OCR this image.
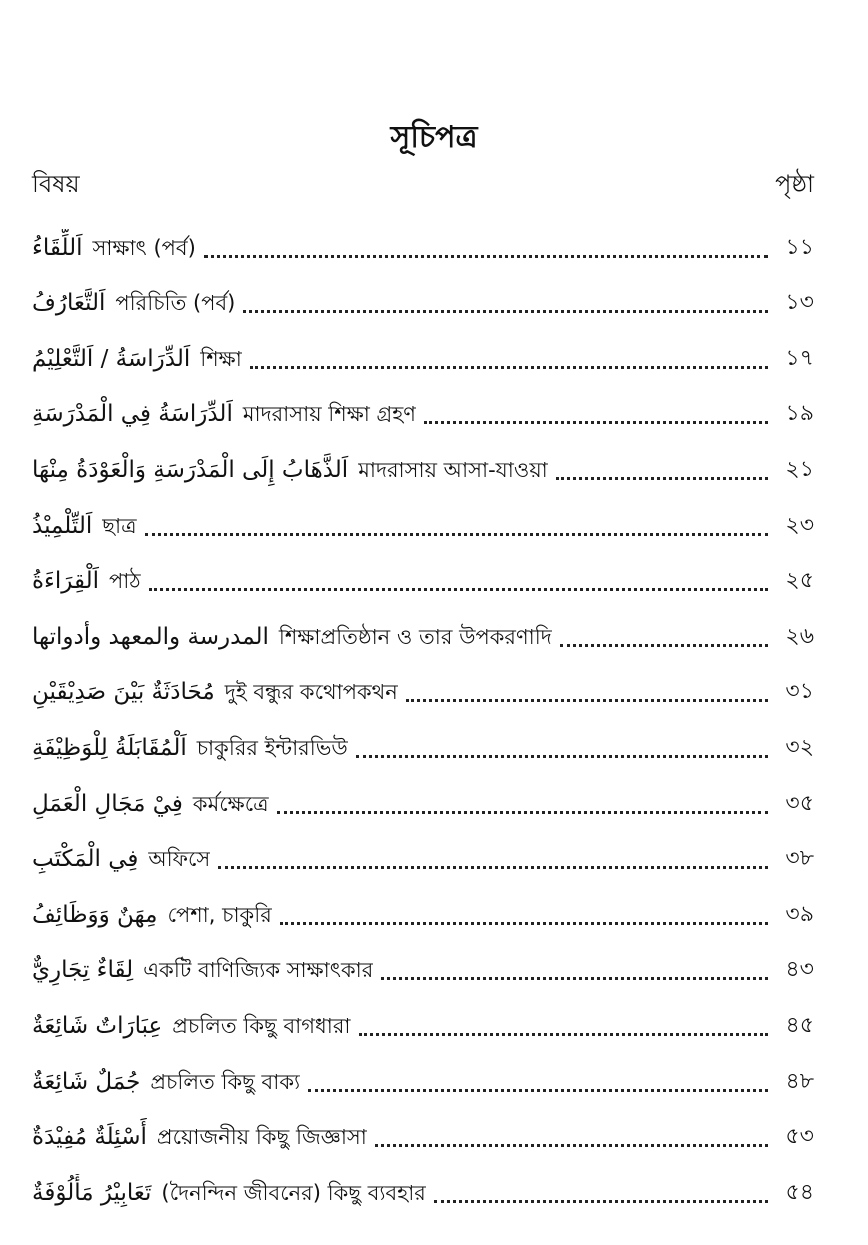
সূচিপত্র
বিষয়	পৃষ্ঠা
اَللِّقَاءُ সাক্ষাৎ (পর্ব)	১১
اَلتَّعَارُفُ পরিচিতি (পর্ব)	১৩
اَلدِّرَاسَةُ / اَلتَّعْلِيْمُ শিক্ষা	১৭
اَلدِّرَاسَةُ فِي الْمَدْرَسَةِ মাদরাসায় শিক্ষা গ্রহণ	১৯
اَلذَّهَابُ إِلَى الْمَدْرَسَةِ وَالْعَوْدَةُ مِنْهَا মাদরাসায় আসা-যাওয়া	২১
اَلتِّلْمِيْذُ ছাত্র	২৩
اَلْقِرَاءَةُ পাঠ	২৫
المدرسة والمعهد وأدواتها শিক্ষাপ্রতিষ্ঠান ও তার উপকরণাদি	২৬
مُحَادَثَةٌ بَيْنَ صَدِيْقَيْنِ দুই বন্ধুর কথোপকথন	৩১
اَلْمُقَابَلَةُ لِلْوَظِيْفَةِ চাকুরির ইন্টারভিউ	৩২
فِيْ مَجَالِ الْعَمَلِ কর্মক্ষেত্রে	৩৫
فِي الْمَكْتَبِ অফিসে	৩৮
مِهَنٌ وَوَظَائِفُ পেশা, চাকুরি	৩৯
لِقَاءٌ تِجَارِيٌّ একটি বাণিজ্যিক সাক্ষাৎকার	৪৩
عِبَارَاتٌ شَائِعَةٌ প্রচলিত কিছু বাগধারা	৪৫
جُمَلٌ شَائِعَةٌ প্রচলিত কিছু বাক্য	৪৮
أَسْئِلَةٌ مُفِيْدَةٌ প্রয়োজনীয় কিছু জিজ্ঞাসা	৫৩
تَعَابِيْرُ مَأْلُوْفَةٌ (দৈনন্দিন জীবনের) কিছু ব্যবহার	৫৪
